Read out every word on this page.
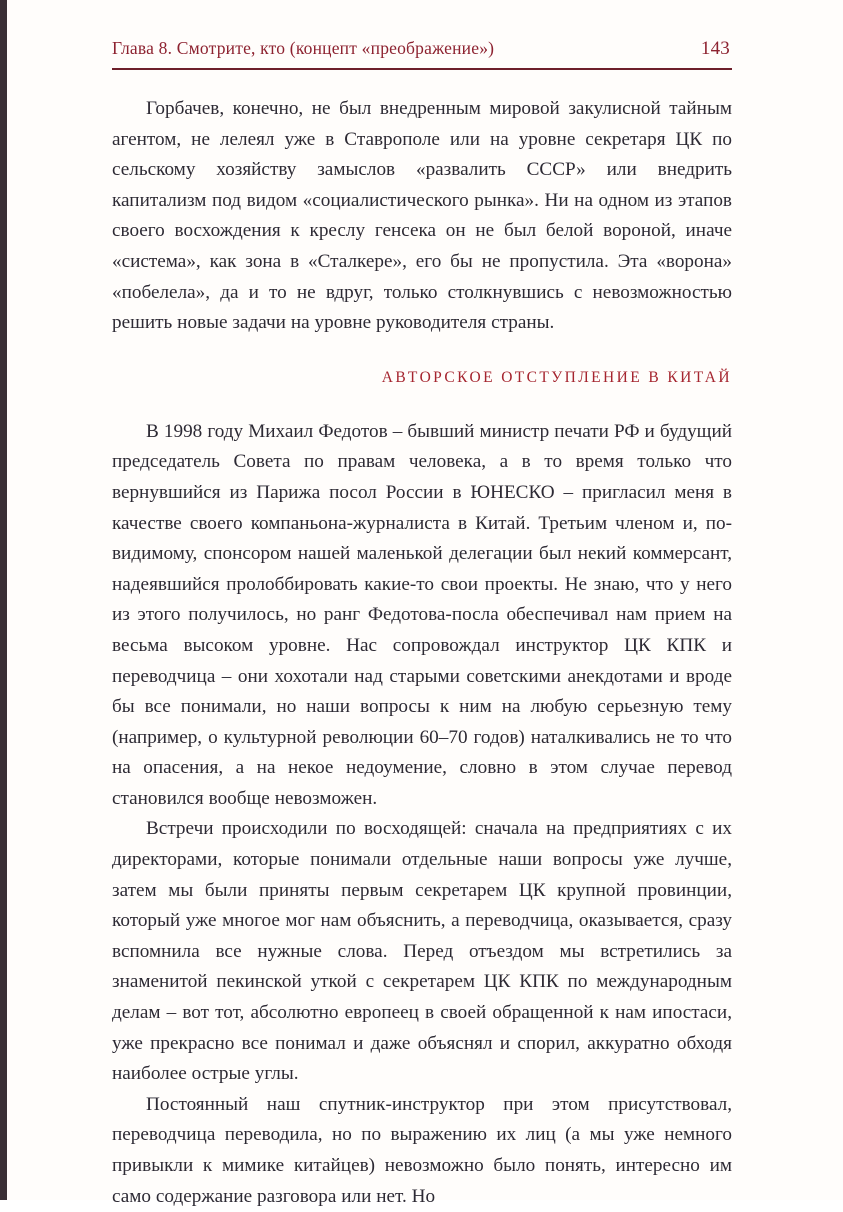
Глава 8. Смотрите, кто (концепт «преображение»)	143

Горбачев, конечно, не был внедренным мировой закулисной тайным агентом, не лелеял уже в Ставрополе или на уровне секретаря ЦК по сельскому хозяйству замыслов «развалить СССР» или внедрить капитализм под видом «социалистического рынка». Ни на одном из этапов своего восхождения к креслу генсека он не был белой вороной, иначе «система», как зона в «Сталкере», его бы не пропустила. Эта «ворона» «побелела», да и то не вдруг, только столкнувшись с невозможностью решить новые задачи на уровне руководителя страны.

АВТОРСКОЕ ОТСТУПЛЕНИЕ В КИТАЙ

В 1998 году Михаил Федотов – бывший министр печати РФ и будущий председатель Совета по правам человека, а в то время только что вернувшийся из Парижа посол России в ЮНЕСКО – пригласил меня в качестве своего компаньона-журналиста в Китай. Третьим членом и, по-видимому, спонсором нашей маленькой делегации был некий коммерсант, надеявшийся пролоббировать какие-то свои проекты. Не знаю, что у него из этого получилось, но ранг Федотова-посла обеспечивал нам прием на весьма высоком уровне. Нас сопровождал инструктор ЦК КПК и переводчица – они хохотали над старыми советскими анекдотами и вроде бы все понимали, но наши вопросы к ним на любую серьезную тему (например, о культурной революции 60–70 годов) наталкивались не то что на опасения, а на некое недоумение, словно в этом случае перевод становился вообще невозможен.

Встречи происходили по восходящей: сначала на предприятиях с их директорами, которые понимали отдельные наши вопросы уже лучше, затем мы были приняты первым секретарем ЦК крупной провинции, который уже многое мог нам объяснить, а переводчица, оказывается, сразу вспомнила все нужные слова. Перед отъездом мы встретились за знаменитой пекинской уткой с секретарем ЦК КПК по международным делам – вот тот, абсолютно европеец в своей обращенной к нам ипостаси, уже прекрасно все понимал и даже объяснял и спорил, аккуратно обходя наиболее острые углы.

Постоянный наш спутник-инструктор при этом присутствовал, переводчица переводила, но по выражению их лиц (а мы уже немного привыкли к мимике китайцев) невозможно было понять, интересно им само содержание разговора или нет. Но
